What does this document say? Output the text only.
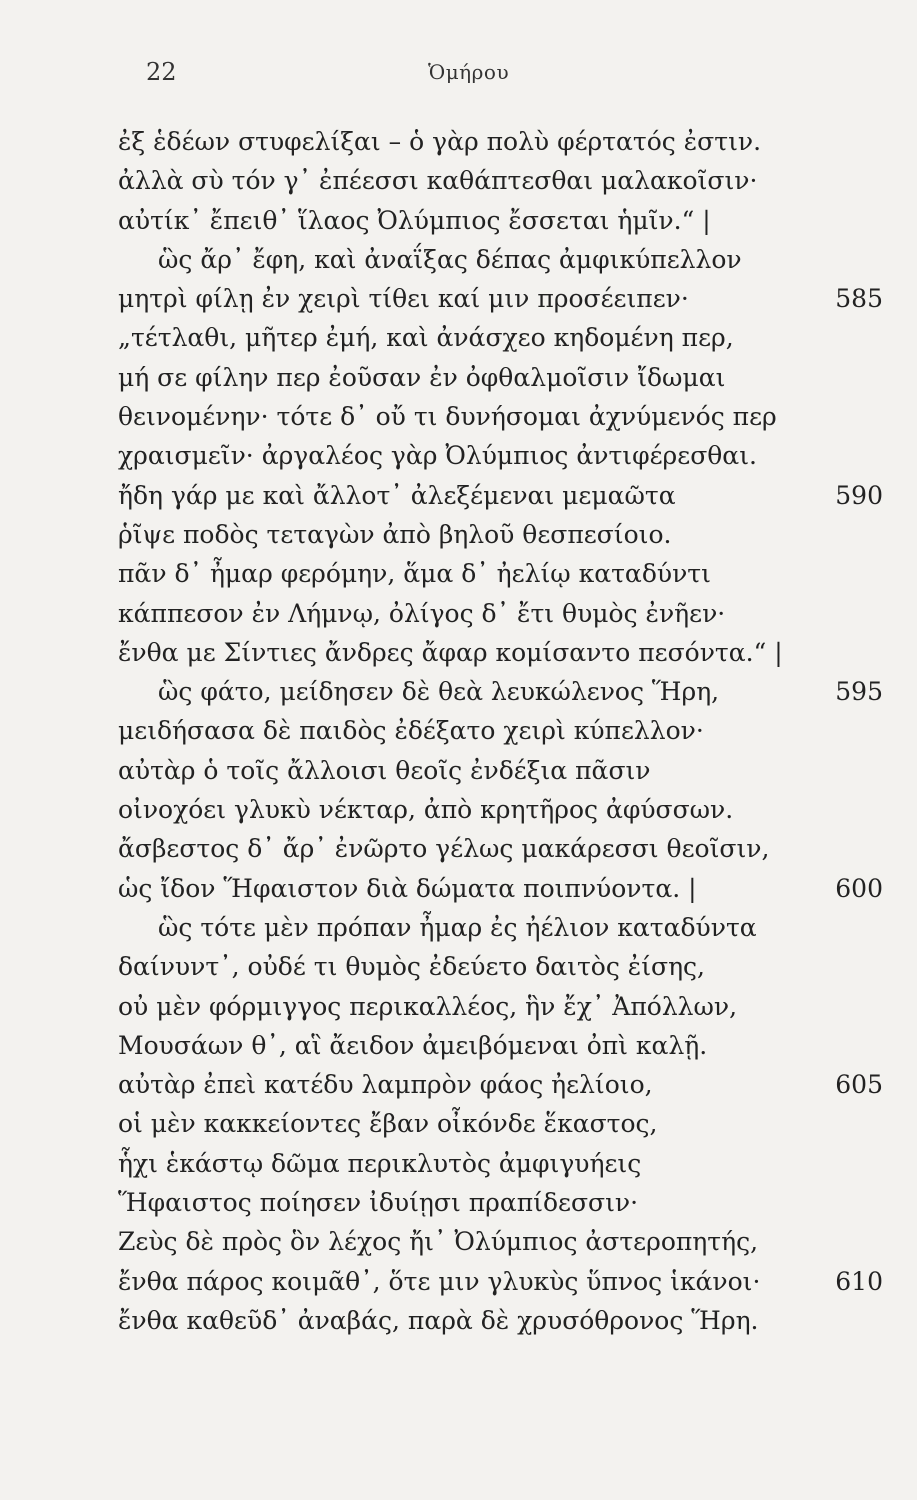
22	Ὁμήρου
ἐξ ἑδέων στυφελίξαι – ὁ γὰρ πολὺ φέρτατός ἐστιν.
ἀλλὰ σὺ τόν γ᾽ ἐπέεσσι καθάπτεσθαι μαλακοῖσιν·
αὐτίκ᾽ ἔπειθ᾽ ἵλαος Ὀλύμπιος ἔσσεται ἡμῖν.“ |
ὣς ἄρ᾽ ἔφη, καὶ ἀναΐξας δέπας ἀμφικύπελλον
μητρὶ φίλῃ ἐν χειρὶ τίθει καί μιν προσέειπεν·	585
„τέτλαθι, μῆτερ ἐμή, καὶ ἀνάσχεο κηδομένη περ,
μή σε φίλην περ ἐοῦσαν ἐν ὀφθαλμοῖσιν ἴδωμαι
θεινομένην· τότε δ᾽ οὔ τι δυνήσομαι ἀχνύμενός περ
χραισμεῖν· ἀργαλέος γὰρ Ὀλύμπιος ἀντιφέρεσθαι.
ἤδη γάρ με καὶ ἄλλοτ᾽ ἀλεξέμεναι μεμαῶτα	590
ῥῖψε ποδὸς τεταγὼν ἀπὸ βηλοῦ θεσπεσίοιο.
πᾶν δ᾽ ἦμαρ φερόμην, ἅμα δ᾽ ἠελίῳ καταδύντι
κάππεσον ἐν Λήμνῳ, ὀλίγος δ᾽ ἔτι θυμὸς ἐνῆεν·
ἔνθα με Σίντιες ἄνδρες ἄφαρ κομίσαντο πεσόντα.“ |
ὣς φάτο, μείδησεν δὲ θεὰ λευκώλενος Ἥρη,	595
μειδήσασα δὲ παιδὸς ἐδέξατο χειρὶ κύπελλον·
αὐτὰρ ὁ τοῖς ἄλλοισι θεοῖς ἐνδέξια πᾶσιν
οἰνοχόει γλυκὺ νέκταρ, ἀπὸ κρητῆρος ἀφύσσων.
ἄσβεστος δ᾽ ἄρ᾽ ἐνῶρτο γέλως μακάρεσσι θεοῖσιν,
ὡς ἴδον Ἥφαιστον διὰ δώματα ποιπνύοντα. |	600
ὣς τότε μὲν πρόπαν ἦμαρ ἐς ἠέλιον καταδύντα
δαίνυντ᾽, οὐδέ τι θυμὸς ἐδεύετο δαιτὸς ἐίσης,
οὐ μὲν φόρμιγγος περικαλλέος, ἣν ἔχ᾽ Ἀπόλλων,
Μουσάων θ᾽, αἳ ἄειδον ἀμειβόμεναι ὀπὶ καλῇ.
αὐτὰρ ἐπεὶ κατέδυ λαμπρὸν φάος ἠελίοιο,	605
οἱ μὲν κακκείοντες ἔβαν οἶκόνδε ἕκαστος,
ἧχι ἑκάστῳ δῶμα περικλυτὸς ἀμφιγυήεις
Ἥφαιστος ποίησεν ἰδυίῃσι πραπίδεσσιν·
Ζεὺς δὲ πρὸς ὃν λέχος ἤι᾽ Ὀλύμπιος ἀστεροπητής,
ἔνθα πάρος κοιμᾶθ᾽, ὅτε μιν γλυκὺς ὕπνος ἱκάνοι·	610
ἔνθα καθεῦδ᾽ ἀναβάς, παρὰ δὲ χρυσόθρονος Ἥρη.
